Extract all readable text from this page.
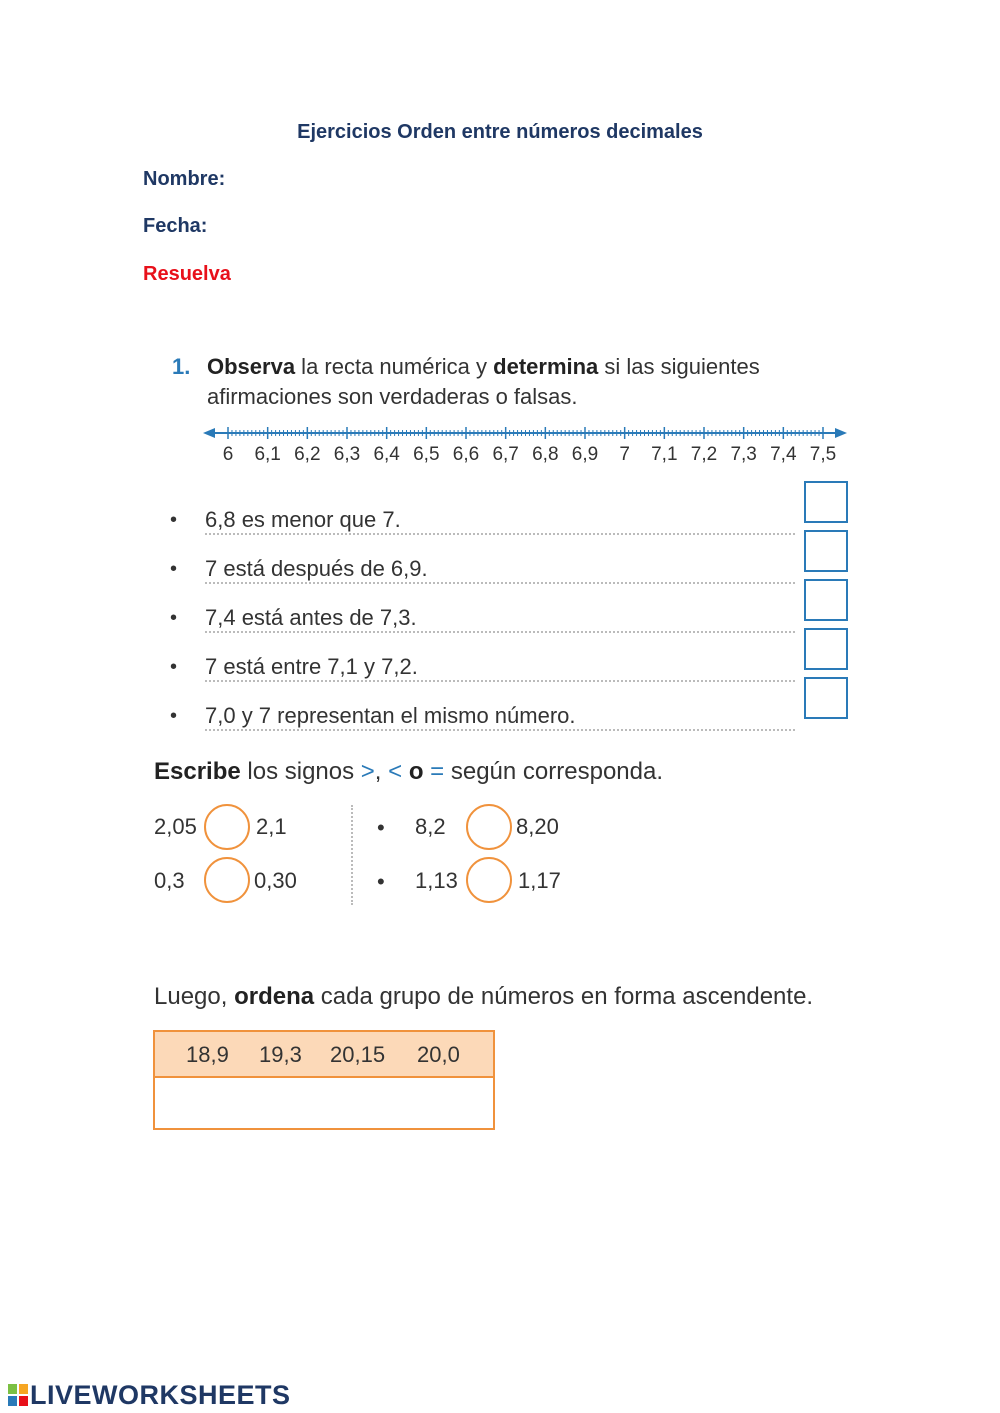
Ejercicios Orden entre números decimales
Nombre:
Fecha:
Resuelva
1. Observa la recta numérica y determina si las siguientes afirmaciones son verdaderas o falsas.
6 6,1 6,2 6,3 6,4 6,5 6,6 6,7 6,8 6,9 7 7,1 7,2 7,3 7,4 7,5
• 6,8 es menor que 7.
• 7 está después de 6,9.
• 7,4 está antes de 7,3.
• 7 está entre 7,1 y 7,2.
• 7,0 y 7 representan el mismo número.
Escribe los signos >, < o = según corresponda.
2,05	2,1
0,3	0,30
• 8,2	8,20
• 1,13	1,17
Luego, ordena cada grupo de números en forma ascendente.
18,9 19,3 20,15 20,0
LIVEWORKSHEETS
